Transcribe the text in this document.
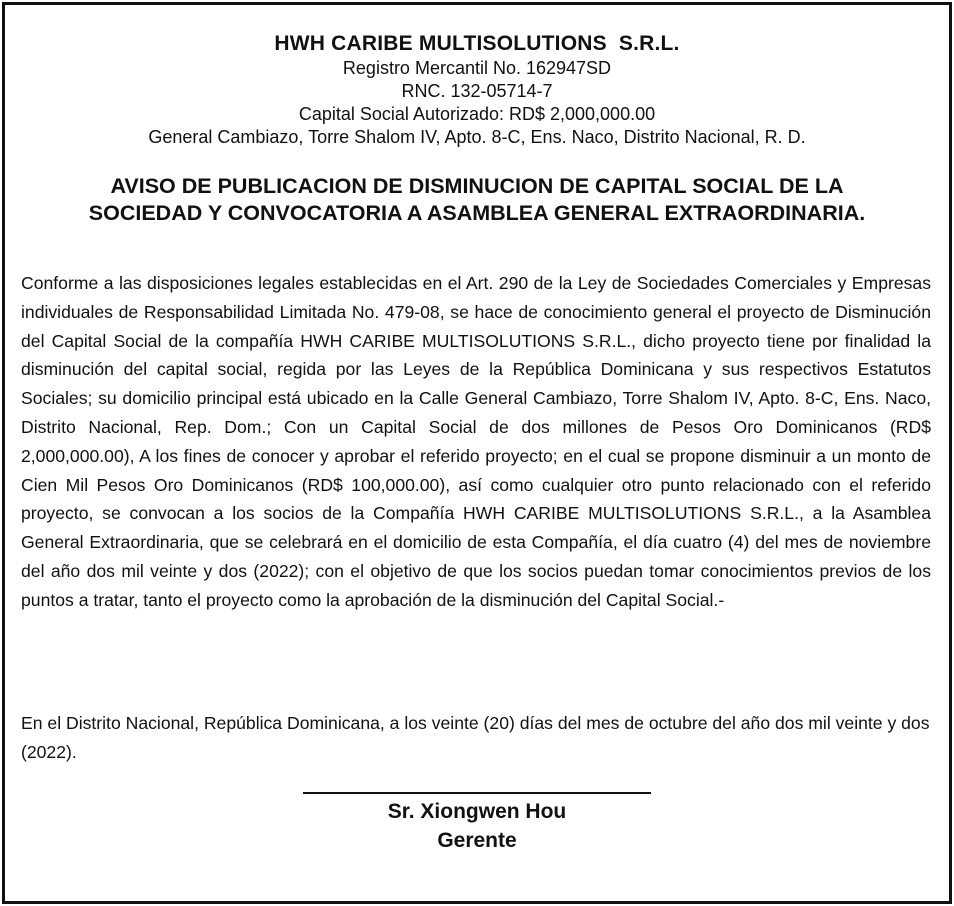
HWH CARIBE MULTISOLUTIONS  S.R.L.
Registro Mercantil No. 162947SD
RNC. 132-05714-7
Capital Social Autorizado: RD$ 2,000,000.00
General Cambiazo, Torre Shalom IV, Apto. 8-C, Ens. Naco, Distrito Nacional, R. D.
AVISO DE PUBLICACION DE DISMINUCION DE CAPITAL SOCIAL DE LA
SOCIEDAD Y CONVOCATORIA A ASAMBLEA GENERAL EXTRAORDINARIA.
Conforme a las disposiciones legales establecidas en el Art. 290 de la Ley de Sociedades Comerciales y Empresas individuales de Responsabilidad Limitada No. 479-08, se hace de conocimiento general el proyecto de Disminución del Capital Social de la compañía HWH CARIBE MULTISOLUTIONS S.R.L., dicho proyecto tiene por finalidad la disminución del capital social, regida por las Leyes de la República Dominicana y sus respectivos Estatutos Sociales; su domicilio principal está ubicado en la Calle General Cambiazo, Torre Shalom IV, Apto. 8-C, Ens. Naco, Distrito Nacional, Rep. Dom.; Con un Capital Social de dos millones de Pesos Oro Dominicanos (RD$ 2,000,000.00), A los fines de conocer y aprobar el referido proyecto; en el cual se propone disminuir a un monto de Cien Mil Pesos Oro Dominicanos (RD$ 100,000.00), así como cualquier otro punto relacionado con el referido proyecto, se convocan a los socios de la Compañía HWH CARIBE MULTISOLUTIONS S.R.L., a la Asamblea General Extraordinaria, que se celebrará en el domicilio de esta Compañía, el día cuatro (4) del mes de noviembre del año dos mil veinte y dos (2022); con el objetivo de que los socios puedan tomar conocimientos previos de los puntos a tratar, tanto el proyecto como la aprobación de la disminución del Capital Social.-
En el Distrito Nacional, República Dominicana, a los veinte (20) días del mes de octubre del año dos mil veinte y dos (2022).
Sr. Xiongwen Hou
Gerente
